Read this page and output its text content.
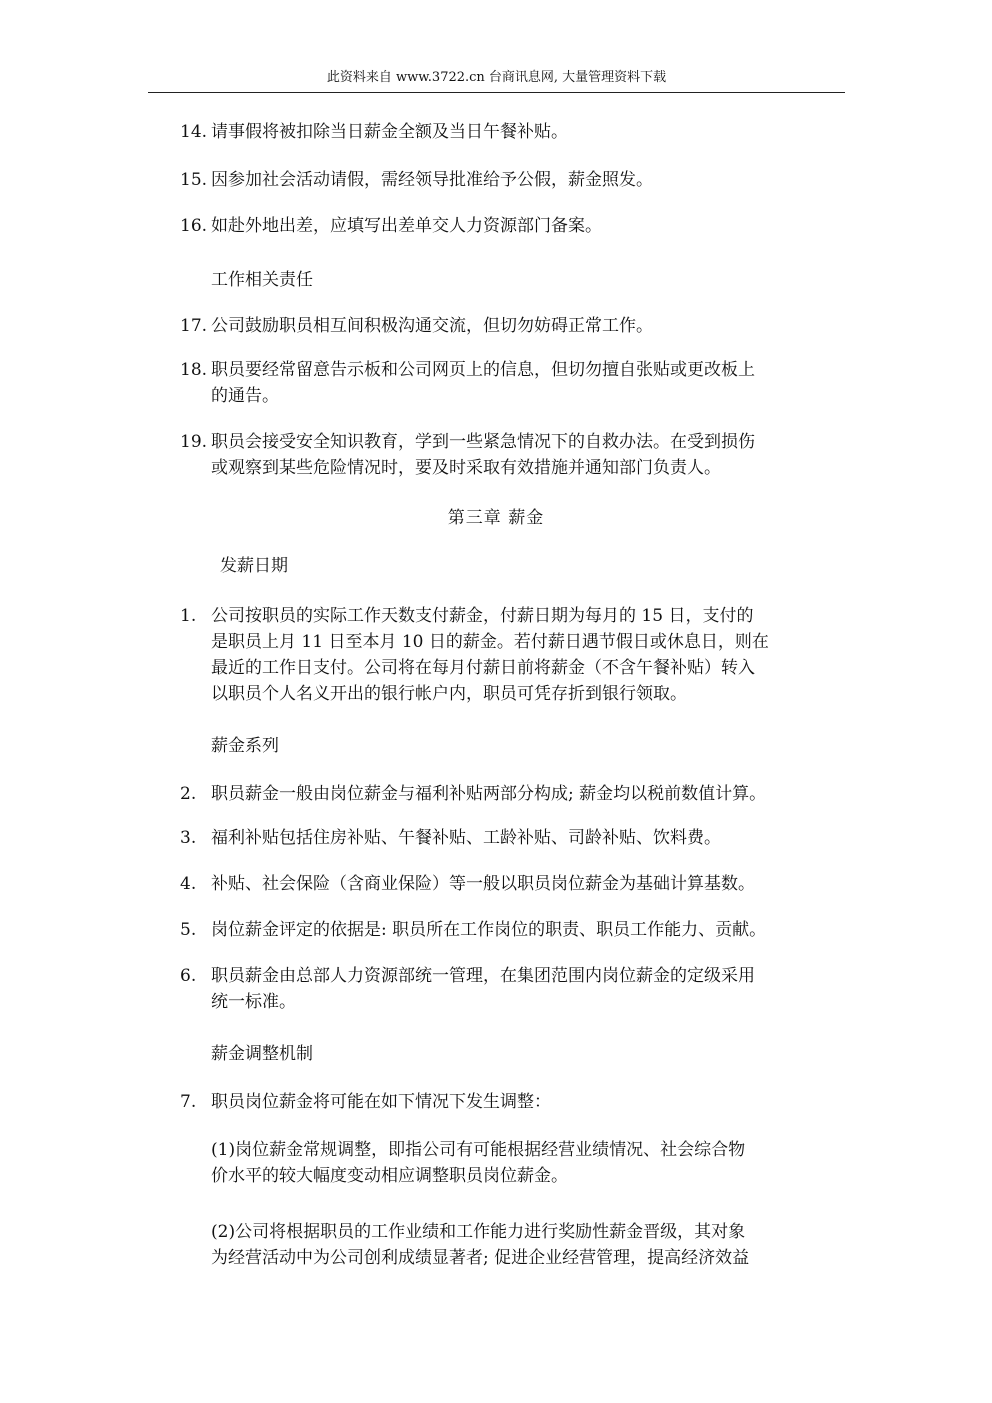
此资料来自 www.3722.cn 台商讯息网, 大量管理资料下载
14. 请事假将被扣除当日薪金全额及当日午餐补贴。
15. 因参加社会活动请假，需经领导批准给予公假，薪金照发。
16. 如赴外地出差，应填写出差单交人力资源部门备案。
工作相关责任
17. 公司鼓励职员相互间积极沟通交流，但切勿妨碍正常工作。
18. 职员要经常留意告示板和公司网页上的信息，但切勿擅自张贴或更改板上
的通告。
19. 职员会接受安全知识教育，学到一些紧急情况下的自救办法。在受到损伤
或观察到某些危险情况时，要及时采取有效措施并通知部门负责人。
第三章 薪金
发薪日期
1. 公司按职员的实际工作天数支付薪金，付薪日期为每月的 15 日，支付的
是职员上月 11 日至本月 10 日的薪金。若付薪日遇节假日或休息日，则在
最近的工作日支付。公司将在每月付薪日前将薪金（不含午餐补贴）转入
以职员个人名义开出的银行帐户内，职员可凭存折到银行领取。
薪金系列
2. 职员薪金一般由岗位薪金与福利补贴两部分构成; 薪金均以税前数值计算。
3. 福利补贴包括住房补贴、午餐补贴、工龄补贴、司龄补贴、饮料费。
4. 补贴、社会保险（含商业保险）等一般以职员岗位薪金为基础计算基数。
5. 岗位薪金评定的依据是: 职员所在工作岗位的职责、职员工作能力、贡献。
6. 职员薪金由总部人力资源部统一管理，在集团范围内岗位薪金的定级采用
统一标准。
薪金调整机制
7. 职员岗位薪金将可能在如下情况下发生调整：
(1)岗位薪金常规调整，即指公司有可能根据经营业绩情况、社会综合物
价水平的较大幅度变动相应调整职员岗位薪金。
(2)公司将根据职员的工作业绩和工作能力进行奖励性薪金晋级，其对象
为经营活动中为公司创利成绩显著者; 促进企业经营管理，提高经济效益
